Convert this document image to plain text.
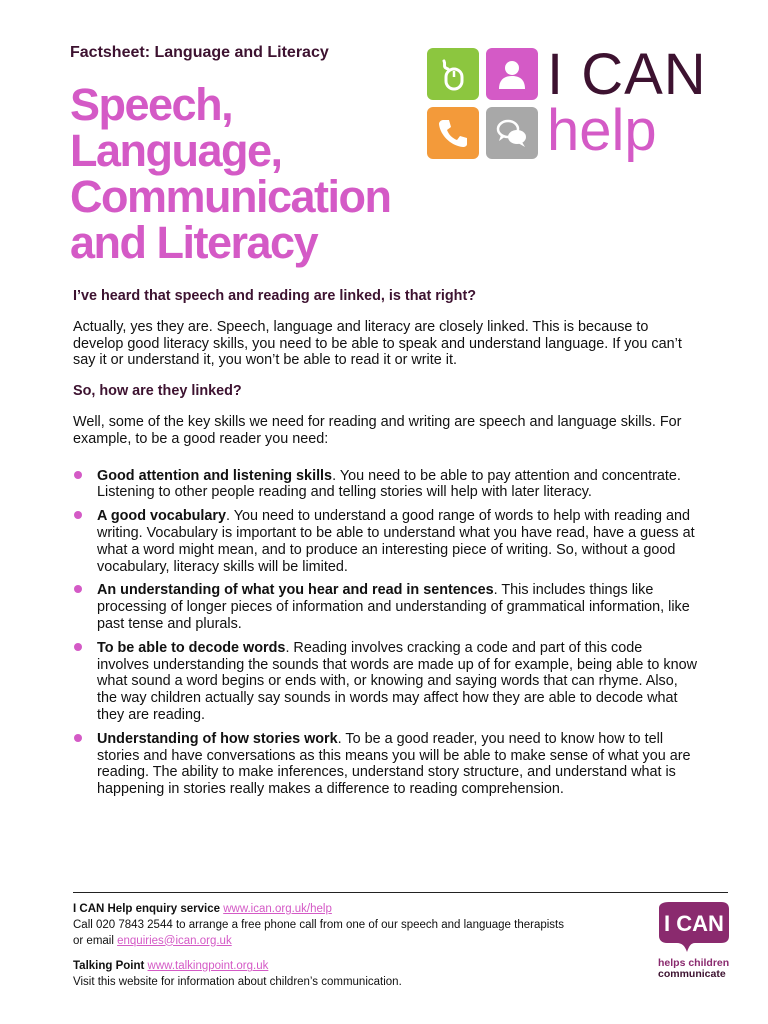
Factsheet: Language and Literacy
Speech,
Language,
Communication
and Literacy
I CAN
help

I’ve heard that speech and reading are linked, is that right?

Actually, yes they are. Speech, language and literacy are closely linked. This is because to develop good literacy skills, you need to be able to speak and understand language. If you can’t say it or understand it, you won’t be able to read it or write it.

So, how are they linked?

Well, some of the key skills we need for reading and writing are speech and language skills. For example, to be a good reader you need:

Good attention and listening skills. You need to be able to pay attention and concentrate. Listening to other people reading and telling stories will help with later literacy.
A good vocabulary. You need to understand a good range of words to help with reading and writing. Vocabulary is important to be able to understand what you have read, have a guess at what a word might mean, and to produce an interesting piece of writing. So, without a good vocabulary, literacy skills will be limited.
An understanding of what you hear and read in sentences. This includes things like processing of longer pieces of information and understanding of grammatical information, like past tense and plurals.
To be able to decode words. Reading involves cracking a code and part of this code involves understanding the sounds that words are made up of for example, being able to know what sound a word begins or ends with, or knowing and saying words that can rhyme. Also, the way children actually say sounds in words may affect how they are able to decode what they are reading.
Understanding of how stories work. To be a good reader, you need to know how to tell stories and have conversations as this means you will be able to make sense of what you are reading. The ability to make inferences, understand story structure, and understand what is happening in stories really makes a difference to reading comprehension.
I CAN Help enquiry service www.ican.org.uk/help
Call 020 7843 2544 to arrange a free phone call from one of our speech and language therapists
or email enquiries@ican.org.uk
Talking Point www.talkingpoint.org.uk
Visit this website for information about children’s communication.
I CAN
helps children
communicate
